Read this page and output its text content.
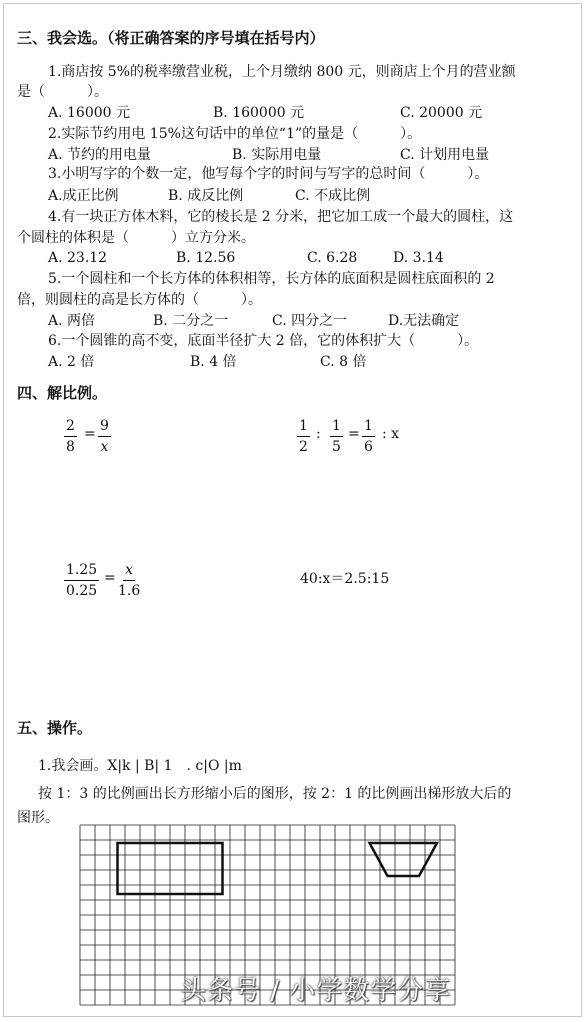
三、我会选。（将正确答案的序号填在括号内）
1.商店按 5%的税率缴营业税，上个月缴纳 800 元，则商店上个月的营业额
是（　　　）。
A. 16000 元	B. 160000 元	C. 20000 元
2.实际节约用电 15%这句话中的单位“1”的量是（　　　）。
A. 节约的用电量	B. 实际用电量	C. 计划用电量
3.小明写字的个数一定，他写每个字的时间与写字的总时间（　　　）。
A.成正比例	B. 成反比例	C. 不成比例
4.有一块正方体木料，它的棱长是 2 分米，把它加工成一个最大的圆柱，这
个圆柱的体积是（　　　）立方分米。
A. 23.12	B. 12.56	C. 6.28	D. 3.14
5.一个圆柱和一个长方体的体积相等，长方体的底面积是圆柱底面积的 2
倍，则圆柱的高是长方体的（　　　）。
A. 两倍	B. 二分之一	C. 四分之一	D.无法确定
6.一个圆锥的高不变，底面半径扩大 2 倍，它的体积扩大（　　　）。
A. 2 倍	B. 4 倍	C. 8 倍
四、解比例。
$\frac{2}{8} = \frac{9}{x}$	$\frac{1}{2}$ : $\frac{1}{5} = \frac{1}{6}$ : x
$\frac{1.25}{0.25} = \frac{x}{1.6}$	40:x＝2.5:15
五、操作。
1.我会画。X|k | B| 1　. c|O |m
按 1：3 的比例画出长方形缩小后的图形，按 2：1 的比例画出梯形放大后的
图形。
头条号 / 小学数学分享
